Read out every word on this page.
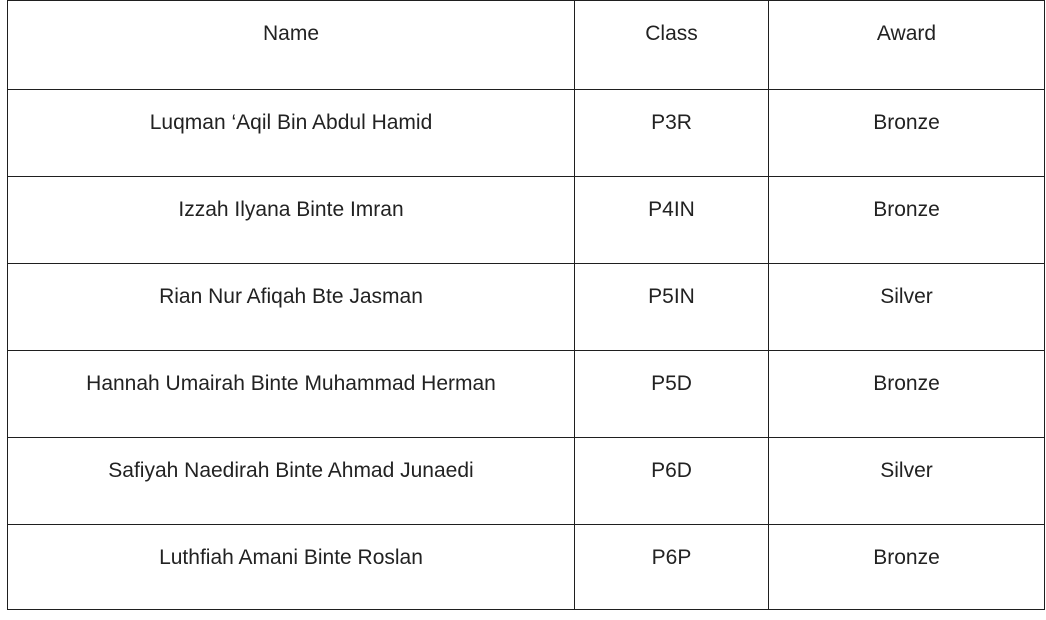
Name	Class	Award
Luqman ‘Aqil Bin Abdul Hamid	P3R	Bronze
Izzah Ilyana Binte Imran	P4IN	Bronze
Rian Nur Afiqah Bte Jasman	P5IN	Silver
Hannah Umairah Binte Muhammad Herman	P5D	Bronze
Safiyah Naedirah Binte Ahmad Junaedi	P6D	Silver
Luthfiah Amani Binte Roslan	P6P	Bronze
